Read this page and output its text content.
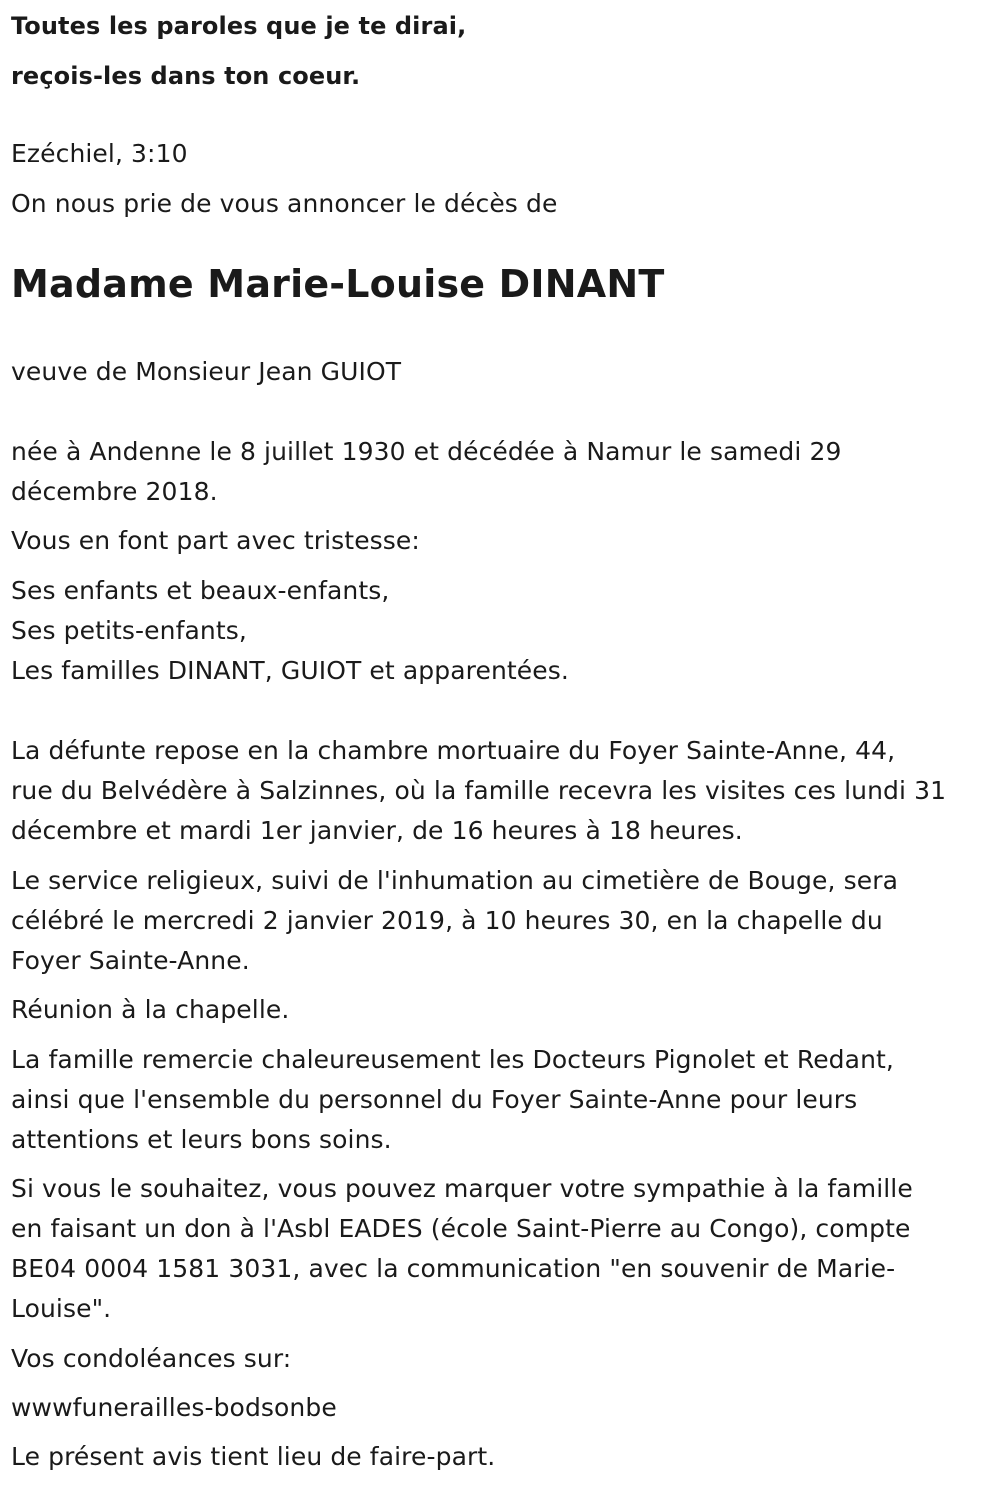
Toutes les paroles que je te dirai,
reçois-les dans ton coeur.
Ezéchiel, 3:10
On nous prie de vous annoncer le décès de
Madame Marie-Louise DINANT
veuve de Monsieur Jean GUIOT
née à Andenne le 8 juillet 1930 et décédée à Namur le samedi 29
décembre 2018.
Vous en font part avec tristesse:
Ses enfants et beaux-enfants,
Ses petits-enfants,
Les familles DINANT, GUIOT et apparentées.
La défunte repose en la chambre mortuaire du Foyer Sainte-Anne, 44,
rue du Belvédère à Salzinnes, où la famille recevra les visites ces lundi 31
décembre et mardi 1er janvier, de 16 heures à 18 heures.
Le service religieux, suivi de l'inhumation au cimetière de Bouge, sera
célébré le mercredi 2 janvier 2019, à 10 heures 30, en la chapelle du
Foyer Sainte-Anne.
Réunion à la chapelle.
La famille remercie chaleureusement les Docteurs Pignolet et Redant,
ainsi que l'ensemble du personnel du Foyer Sainte-Anne pour leurs
attentions et leurs bons soins.
Si vous le souhaitez, vous pouvez marquer votre sympathie à la famille
en faisant un don à l'Asbl EADES (école Saint-Pierre au Congo), compte
BE04 0004 1581 3031, avec la communication "en souvenir de Marie-
Louise".
Vos condoléances sur:
wwwfunerailles-bodsonbe
Le présent avis tient lieu de faire-part.
